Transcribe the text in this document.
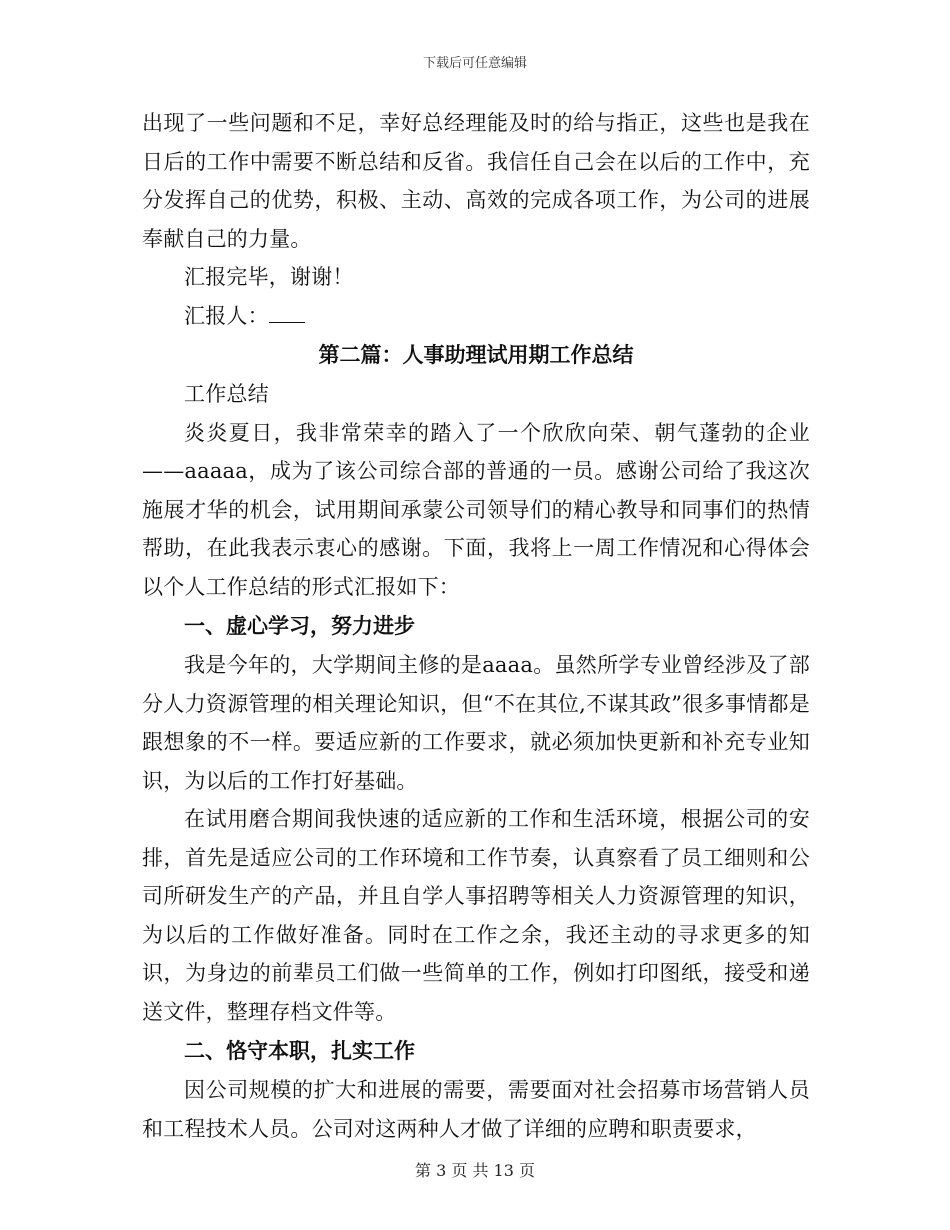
下载后可任意编辑

出现了一些问题和不足，幸好总经理能及时的给与指正，这些也是我在日后的工作中需要不断总结和反省。我信任自己会在以后的工作中，充分发挥自己的优势，积极、主动、高效的完成各项工作，为公司的进展奉献自己的力量。

汇报完毕，谢谢！

汇报人：

第二篇：人事助理试用期工作总结

工作总结

炎炎夏日，我非常荣幸的踏入了一个欣欣向荣、朝气蓬勃的企业——aaaaa，成为了该公司综合部的普通的一员。感谢公司给了我这次施展才华的机会，试用期间承蒙公司领导们的精心教导和同事们的热情帮助，在此我表示衷心的感谢。下面，我将上一周工作情况和心得体会以个人工作总结的形式汇报如下：

一、虚心学习，努力进步

我是今年的，大学期间主修的是aaaa。虽然所学专业曾经涉及了部分人力资源管理的相关理论知识，但“不在其位,不谋其政”很多事情都是跟想象的不一样。要适应新的工作要求，就必须加快更新和补充专业知识，为以后的工作打好基础。

在试用磨合期间我快速的适应新的工作和生活环境，根据公司的安排，首先是适应公司的工作环境和工作节奏，认真察看了员工细则和公司所研发生产的产品，并且自学人事招聘等相关人力资源管理的知识，为以后的工作做好准备。同时在工作之余，我还主动的寻求更多的知识，为身边的前辈员工们做一些简单的工作，例如打印图纸，接受和递送文件，整理存档文件等。

二、恪守本职，扎实工作

因公司规模的扩大和进展的需要，需要面对社会招募市场营销人员和工程技术人员。公司对这两种人才做了详细的应聘和职责要求，

第 3 页 共 13 页
